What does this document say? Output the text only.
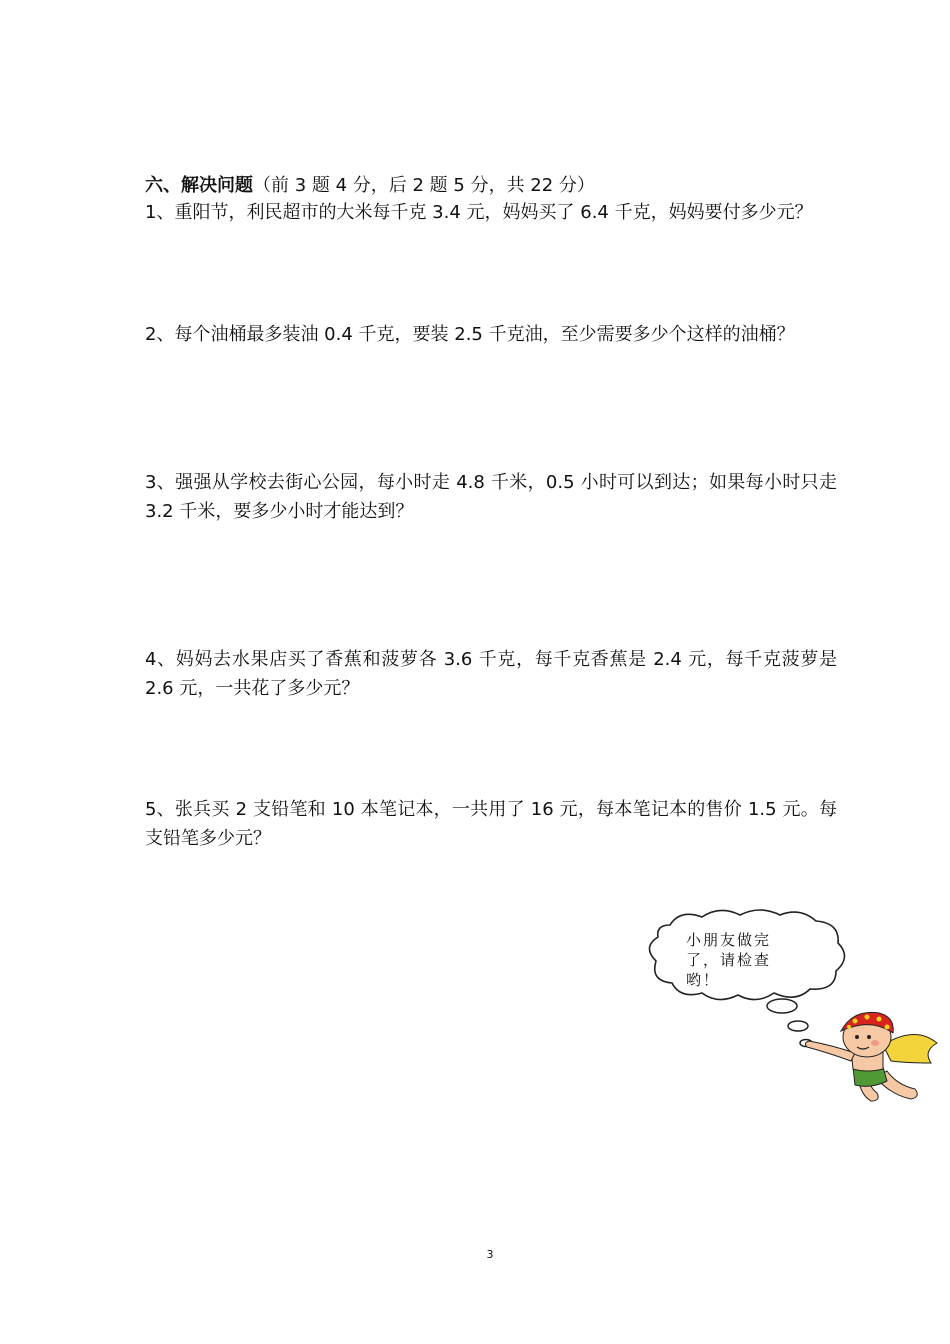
六、解决问题（前 3 题 4 分，后 2 题 5 分，共 22 分）
1、重阳节，利民超市的大米每千克 3.4 元，妈妈买了 6.4 千克，妈妈要付多少元？
2、每个油桶最多装油 0.4 千克，要装 2.5 千克油，至少需要多少个这样的油桶？
3、强强从学校去街心公园，每小时走 4.8 千米，0.5 小时可以到达；如果每小时只走 3.2 千米，要多少小时才能达到？
4、妈妈去水果店买了香蕉和菠萝各 3.6 千克，每千克香蕉是 2.4 元，每千克菠萝是 2.6 元，一共花了多少元？
5、张兵买 2 支铅笔和 10 本笔记本，一共用了 16 元，每本笔记本的售价 1.5 元。每支铅笔多少元？
小朋友做完了，请检查哟！
3
